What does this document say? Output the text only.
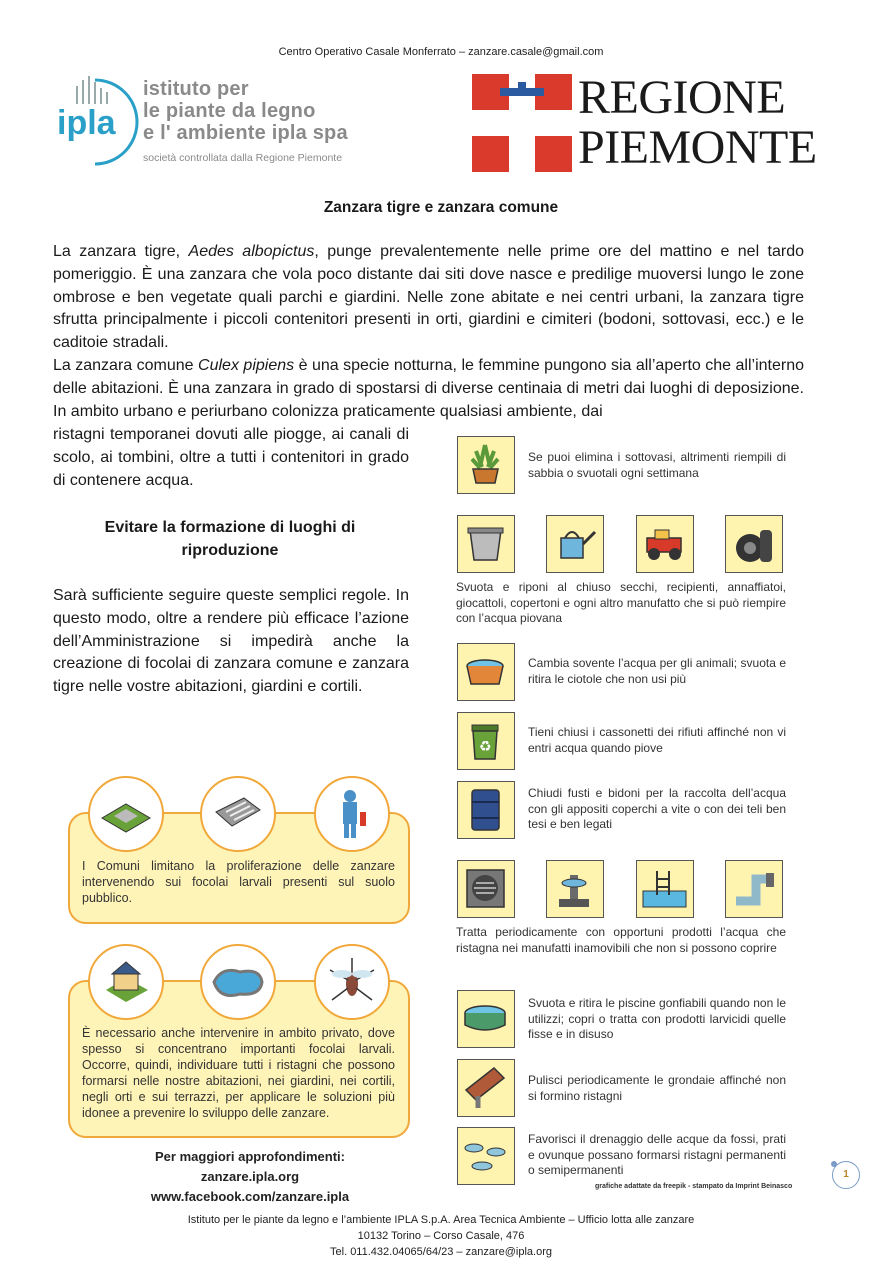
Centro Operativo Casale Monferrato – zanzare.casale@gmail.com
ipla
istituto per
le piante da legno
e l' ambiente ipla spa
società controllata dalla Regione Piemonte
REGIONE
PIEMONTE
Zanzara tigre e zanzara comune
La zanzara tigre, Aedes albopictus, punge prevalentemente nelle prime ore del mattino e nel tardo pomeriggio. È una zanzara che vola poco distante dai siti dove nasce e predilige muoversi lungo le zone ombrose e ben vegetate quali parchi e giardini. Nelle zone abitate e nei centri urbani, la zanzara tigre sfrutta principalmente i piccoli contenitori presenti in orti, giardini e cimiteri (bodoni, sottovasi, ecc.) e le caditoie stradali.
La zanzara comune Culex pipiens è una specie notturna, le femmine pungono sia all’aperto che all’interno delle abitazioni. È una zanzara in grado di spostarsi di diverse centinaia di metri dai luoghi di deposizione. In ambito urbano e periurbano colonizza praticamente qualsiasi ambiente, dai
ristagni temporanei dovuti alle piogge, ai canali di scolo, ai tombini, oltre a tutti i contenitori in grado di contenere acqua.
Evitare la formazione di luoghi di riproduzione
Sarà sufficiente seguire queste semplici regole. In questo modo, oltre a rendere più efficace l’azione dell’Amministrazione si impedirà anche la creazione di focolai di zanzara comune e zanzara tigre nelle vostre abitazioni, giardini e cortili.
Se puoi elimina i sottovasi, altrimenti riempili di sabbia o svuotali ogni settimana
Svuota e riponi al chiuso secchi, recipienti, annaffiatoi, giocattoli, copertoni e ogni altro manufatto che si può riempire con l’acqua piovana
Cambia sovente l’acqua per gli animali; svuota e ritira le ciotole che non usi più
♻
Tieni chiusi i cassonetti dei rifiuti affinché non vi entri acqua quando piove
Chiudi fusti e bidoni per la raccolta dell’acqua con gli appositi coperchi a vite o con dei teli ben tesi e ben legati
Tratta periodicamente con opportuni prodotti l’acqua che ristagna nei manufatti inamovibili che non si possono coprire
Svuota e ritira le piscine gonfiabili quando non le utilizzi; copri o tratta con prodotti larvicidi quelle fisse e in disuso
Pulisci periodicamente le grondaie affinché non si formino ristagni
Favorisci il drenaggio delle acque da fossi, prati e ovunque possano formarsi ristagni permanenti o semipermanenti
grafiche adattate da freepik - stampato da Imprint Beinasco
I Comuni limitano la proliferazione delle zanzare intervenendo sui focolai larvali presenti sul suolo pubblico.
È necessario anche intervenire in ambito privato, dove spesso si concentrano importanti focolai larvali. Occorre, quindi, individuare tutti i ristagni che possono formarsi nelle nostre abitazioni, nei giardini, nei cortili, negli orti e sui terrazzi, per applicare le soluzioni più idonee a prevenire lo sviluppo delle zanzare.
Per maggiori approfondimenti:
zanzare.ipla.org
www.facebook.com/zanzare.ipla
Istituto per le piante da legno e l’ambiente IPLA S.p.A. Area Tecnica Ambiente – Ufficio lotta alle zanzare
10132 Torino – Corso Casale, 476
Tel. 011.432.04065/64/23 – zanzare@ipla.org
1
